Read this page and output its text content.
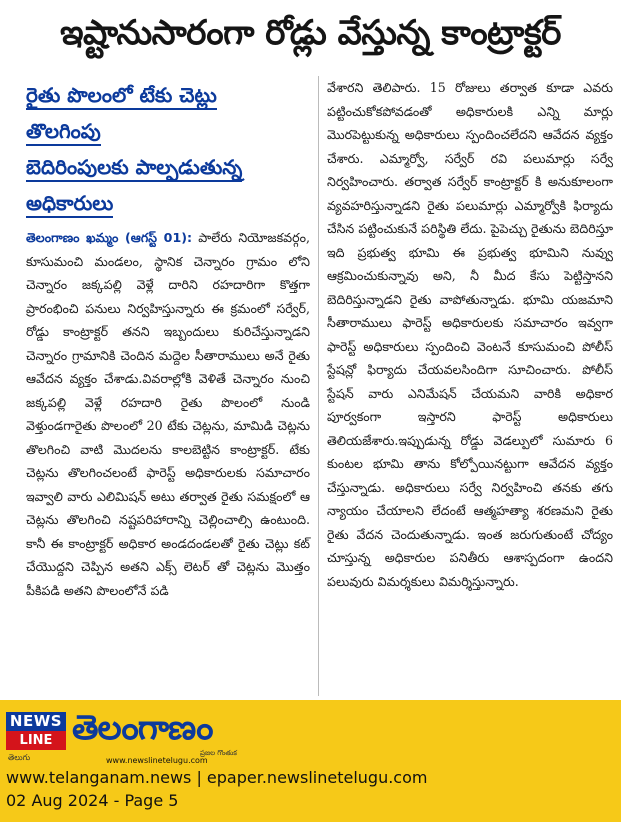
ఇష్టానుసారంగా రోడ్లు వేస్తున్న కాంట్రాక్టర్
రైతు పొలంలో టేకు చెట్లు
తొలగింపు
బెదిరింపులకు పాల్పడుతున్న
అధికారులు

తెలంగాణం ఖమ్మం (ఆగస్ట్ 01): పాలేరు నియోజకవర్గం, కూసుమంచి మండలం, స్థానిక చెన్నారం గ్రామం లోని చెన్నారం జక్కపల్లి వెళ్లే దారిని రహదారిగా కొత్తగా ప్రారంభించి పనులు నిర్వహిస్తున్నారు ఈ క్రమంలో సర్వేర్, రోడ్డు కాంట్రాక్టర్ తనని ఇబ్బందులు కురిచేస్తున్నాడని చెన్నారం గ్రామానికి చెందిన మద్దెల సీతారాములు అనే రైతు ఆవేదన వ్యక్తం చేశాడు.వివరాల్లోకి వెళితే చెన్నారం నుంచి జక్కపల్లి వెళ్లే రహదారి రైతు పొలంలో నుండి వెళ్తుండగారైతు పొలంలో 20 టేకు చెట్లను, మామిడి చెట్లను తొలగించి వాటి మొదలను కాలబెట్టిన కాంట్రాక్టర్. టేకు చెట్లను తొలగించలంటే ఫారెస్ట్ అధికారులకు సమాచారం ఇవ్వాలి వారు ఎలిమిషన్ అటు తర్వాత రైతు సమక్షంలో ఆ చెట్లను తొలగించి నష్టపరిహారాన్ని చెల్లించాల్సి ఉంటుంది. కానీ ఈ కాంట్రాక్టర్ అధికార అండదండలతో రైతు చెట్లు కట్ చేయొద్దని చెప్పిన అతని ఎక్స్ లెటర్ తో చెట్లను మొత్తం పీకిపడి అతని పొలంలోనే పడి

వేశారని తెలిపారు. 15 రోజులు తర్వాత కూడా ఎవరు పట్టించుకోకపోవడంతో అధికారులకి ఎన్ని మార్లు మొరపెట్టుకున్న అధికారులు స్పందించలేదని ఆవేదన వ్యక్తం చేశారు. ఎమ్మార్వో, సర్వేర్ రవి పలుమార్లు సర్వే నిర్వహించారు. తర్వాత సర్వేర్ కాంట్రాక్టర్ కి అనుకూలంగా వ్యవహరిస్తున్నాడని రైతు పలుమార్లు ఎమ్మార్వోకి ఫిర్యాదు చేసిన పట్టించుకునే పరిస్థితి లేదు. పైపెచ్చు రైతును బెదిరిస్తూ ఇది ప్రభుత్వ భూమి ఈ ప్రభుత్వ భూమిని నువ్వు ఆక్రమించుకున్నావు అని, నీ మీద కేసు పెట్టిస్తానని బెదిరిస్తున్నాడని రైతు వాపోతున్నాడు. భూమి యజమాని సీతారాములు ఫారెస్ట్ అధికారులకు సమాచారం ఇవ్వగా ఫారెస్ట్ అధికారులు స్పందించి వెంటనే కూసుమంచి పోలీస్ స్టేషన్లో ఫిర్యాదు చేయవలసిందిగా సూచించారు. పోలీస్ స్టేషన్ వారు ఎనిమేషన్ చేయమని వారికి అధికార పూర్వకంగా ఇస్తారని ఫారెస్ట్ అధికారులు తెలియజేశారు.ఇప్పుడున్న రోడ్డు వెడల్పులో సుమారు 6 కుంటల భూమి తాను కోల్పోయినట్టుగా ఆవేదన వ్యక్తం చేస్తున్నాడు. అధికారులు సర్వే నిర్వహించి తనకు తగు న్యాయం చేయాలని లేదంటే ఆత్మహత్యా శరణమని రైతు రైతు వేదన చెందుతున్నాడు. ఇంత జరుగుతుంటే చోద్యం చూస్తున్న అధికారుల పనితీరు ఆశాస్పదంగా ఉందని పలువురు విమర్శకులు విమర్శిస్తున్నారు.

NEWS
LINE
తెలుగు
తెలంగాణం
ప్రజల గొంతుక
www.newslinetelugu.com
www.telanganam.news | epaper.newslinetelugu.com
02 Aug 2024 - Page 5
